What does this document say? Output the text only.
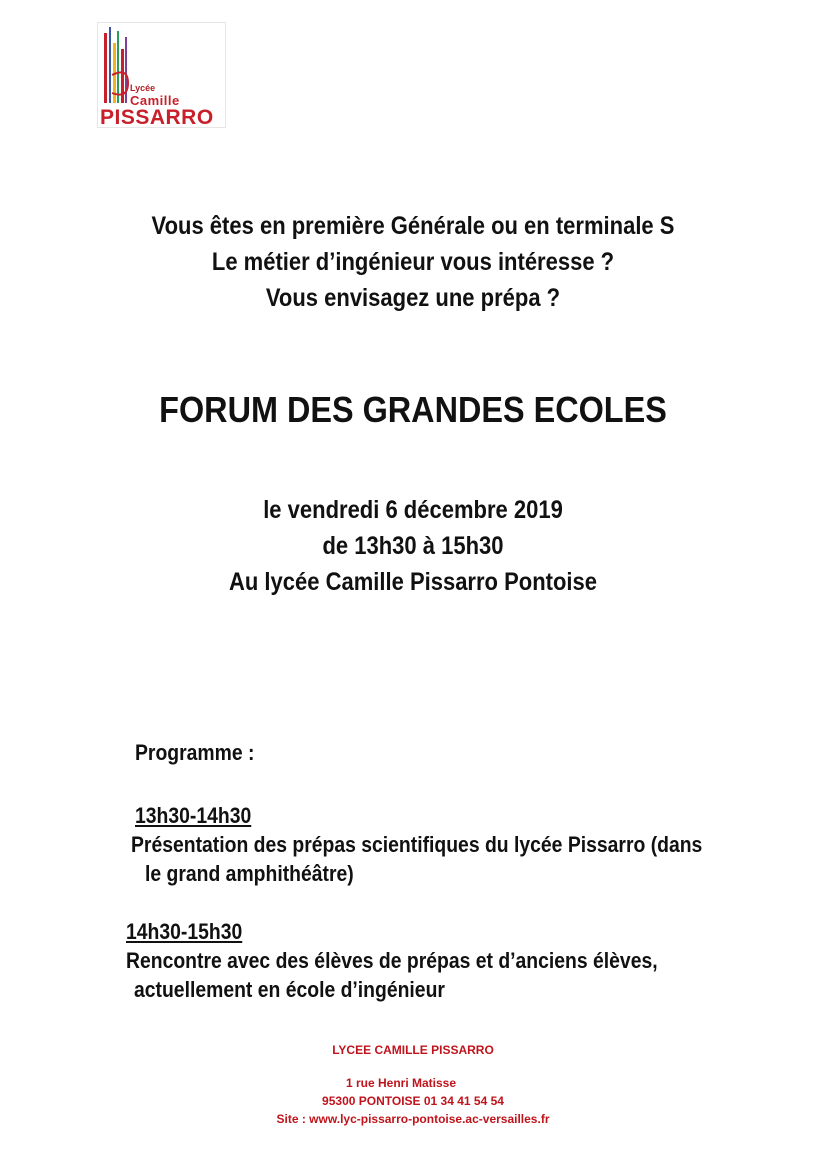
Lycée
Camille
PISSARRO
Vous êtes en première Générale ou en terminale S
Le métier d’ingénieur vous intéresse ?
Vous envisagez une prépa ?
FORUM DES GRANDES ECOLES
le vendredi 6 décembre 2019
de 13h30 à 15h30
Au lycée Camille Pissarro Pontoise
Programme :
13h30-14h30
Présentation des prépas scientifiques du lycée Pissarro (dans
le grand amphithéâtre)
14h30-15h30
Rencontre avec des élèves de prépas et d’anciens élèves,
actuellement en école d’ingénieur
LYCEE CAMILLE PISSARRO
1 rue Henri Matisse
95300 PONTOISE 01 34 41 54 54
Site : www.lyc-pissarro-pontoise.ac-versailles.fr
